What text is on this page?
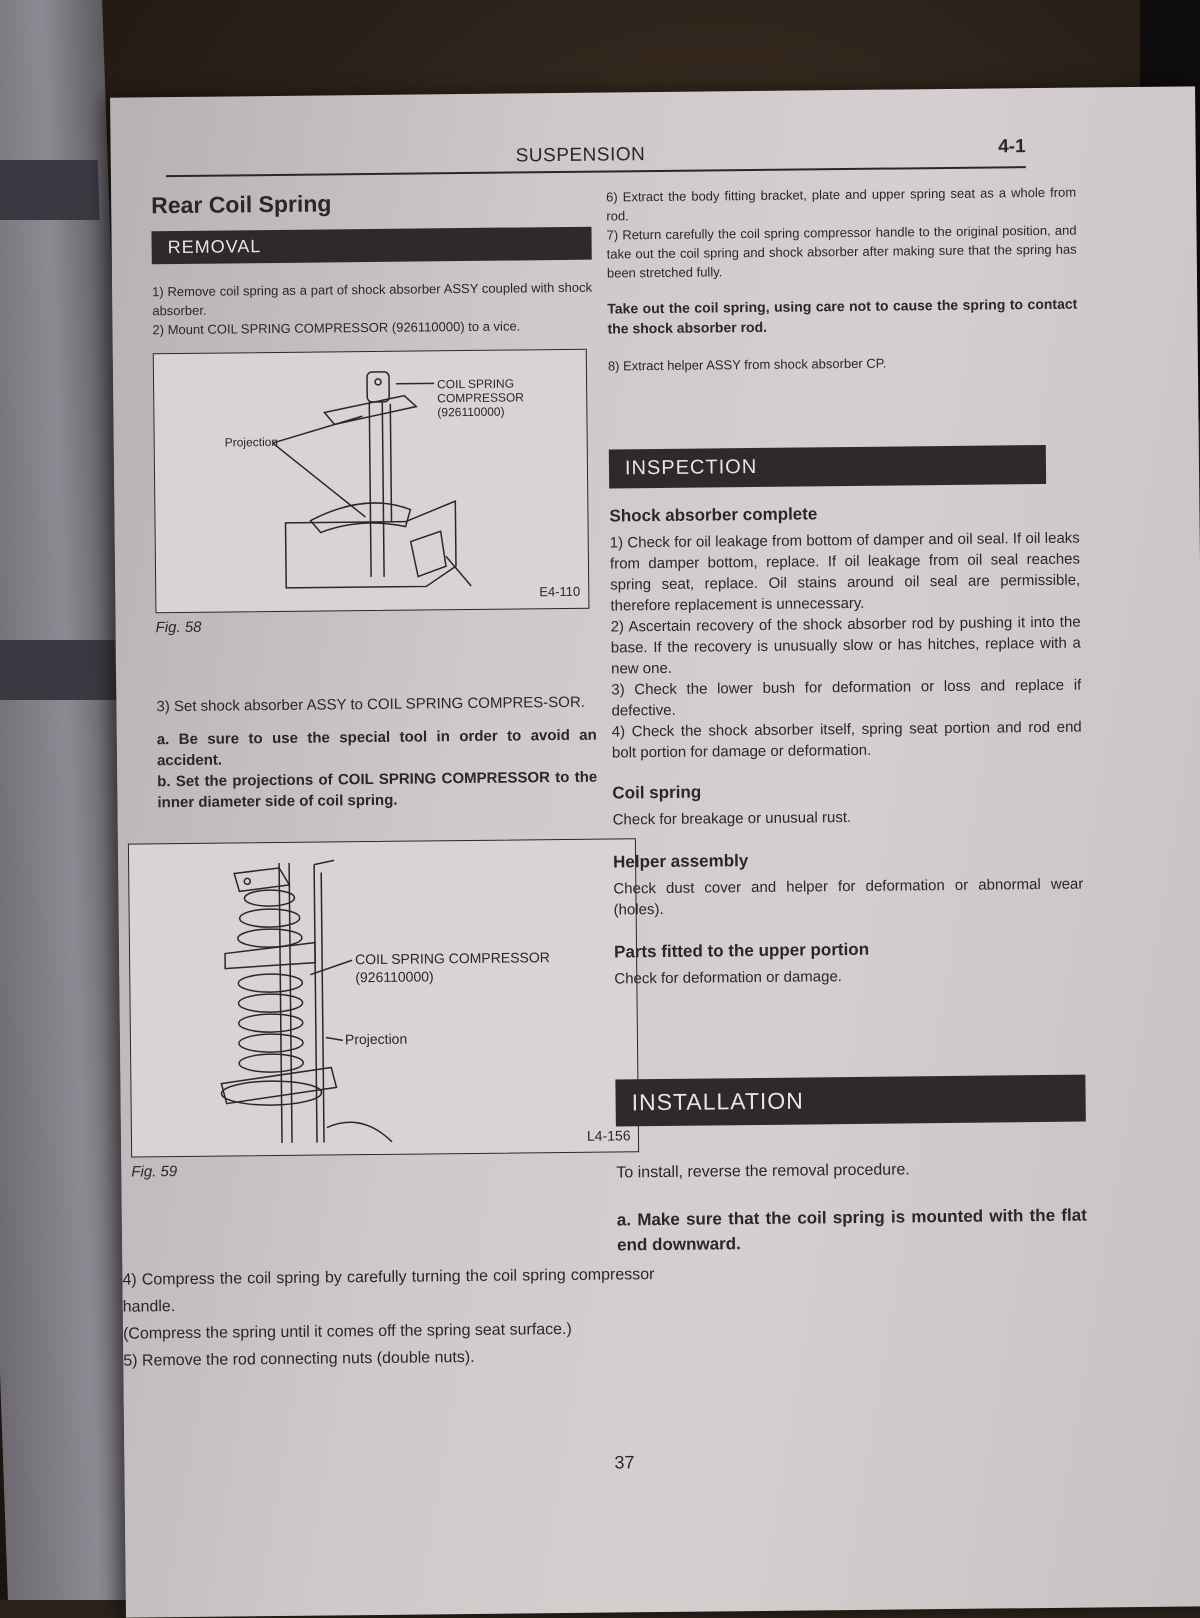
SUSPENSION	4-1
Rear Coil Spring
REMOVAL

1) Remove coil spring as a part of shock absorber ASSY coupled with shock absorber.

2) Mount COIL SPRING COMPRESSOR (926110000) to a vice.

COIL SPRING
COMPRESSOR
(926110000)
Projection
E4-110
Fig. 58

3) Set shock absorber ASSY to COIL SPRING COMPRES-SOR.

a. Be sure to use the special tool in order to avoid an accident.

b. Set the projections of COIL SPRING COMPRESSOR to the inner diameter side of coil spring.

COIL SPRING COMPRESSOR
(926110000)
Projection
L4-156
Fig. 59

4) Compress the coil spring by carefully turning the coil spring compressor handle.

(Compress the spring until it comes off the spring seat surface.)

5) Remove the rod connecting nuts (double nuts).

6) Extract the body fitting bracket, plate and upper spring seat as a whole from rod.

7) Return carefully the coil spring compressor handle to the original position, and take out the coil spring and shock absorber after making sure that the spring has been stretched fully.

Take out the coil spring, using care not to cause the spring to contact the shock absorber rod.

8) Extract helper ASSY from shock absorber CP.

INSPECTION
Shock absorber complete

1) Check for oil leakage from bottom of damper and oil seal. If oil leaks from damper bottom, replace. If oil leakage from oil seal reaches spring seat, replace. Oil stains around oil seal are permissible, therefore replacement is unnecessary.

2) Ascertain recovery of the shock absorber rod by pushing it into the base. If the recovery is unusually slow or has hitches, replace with a new one.

3) Check the lower bush for deformation or loss and replace if defective.

4) Check the shock absorber itself, spring seat portion and rod end bolt portion for damage or deformation.

Coil spring

Check for breakage or unusual rust.

Helper assembly

Check dust cover and helper for deformation or abnormal wear (holes).

Parts fitted to the upper portion

Check for deformation or damage.

INSTALLATION

To install, reverse the removal procedure.

a. Make sure that the coil spring is mounted with the flat end downward.

37
